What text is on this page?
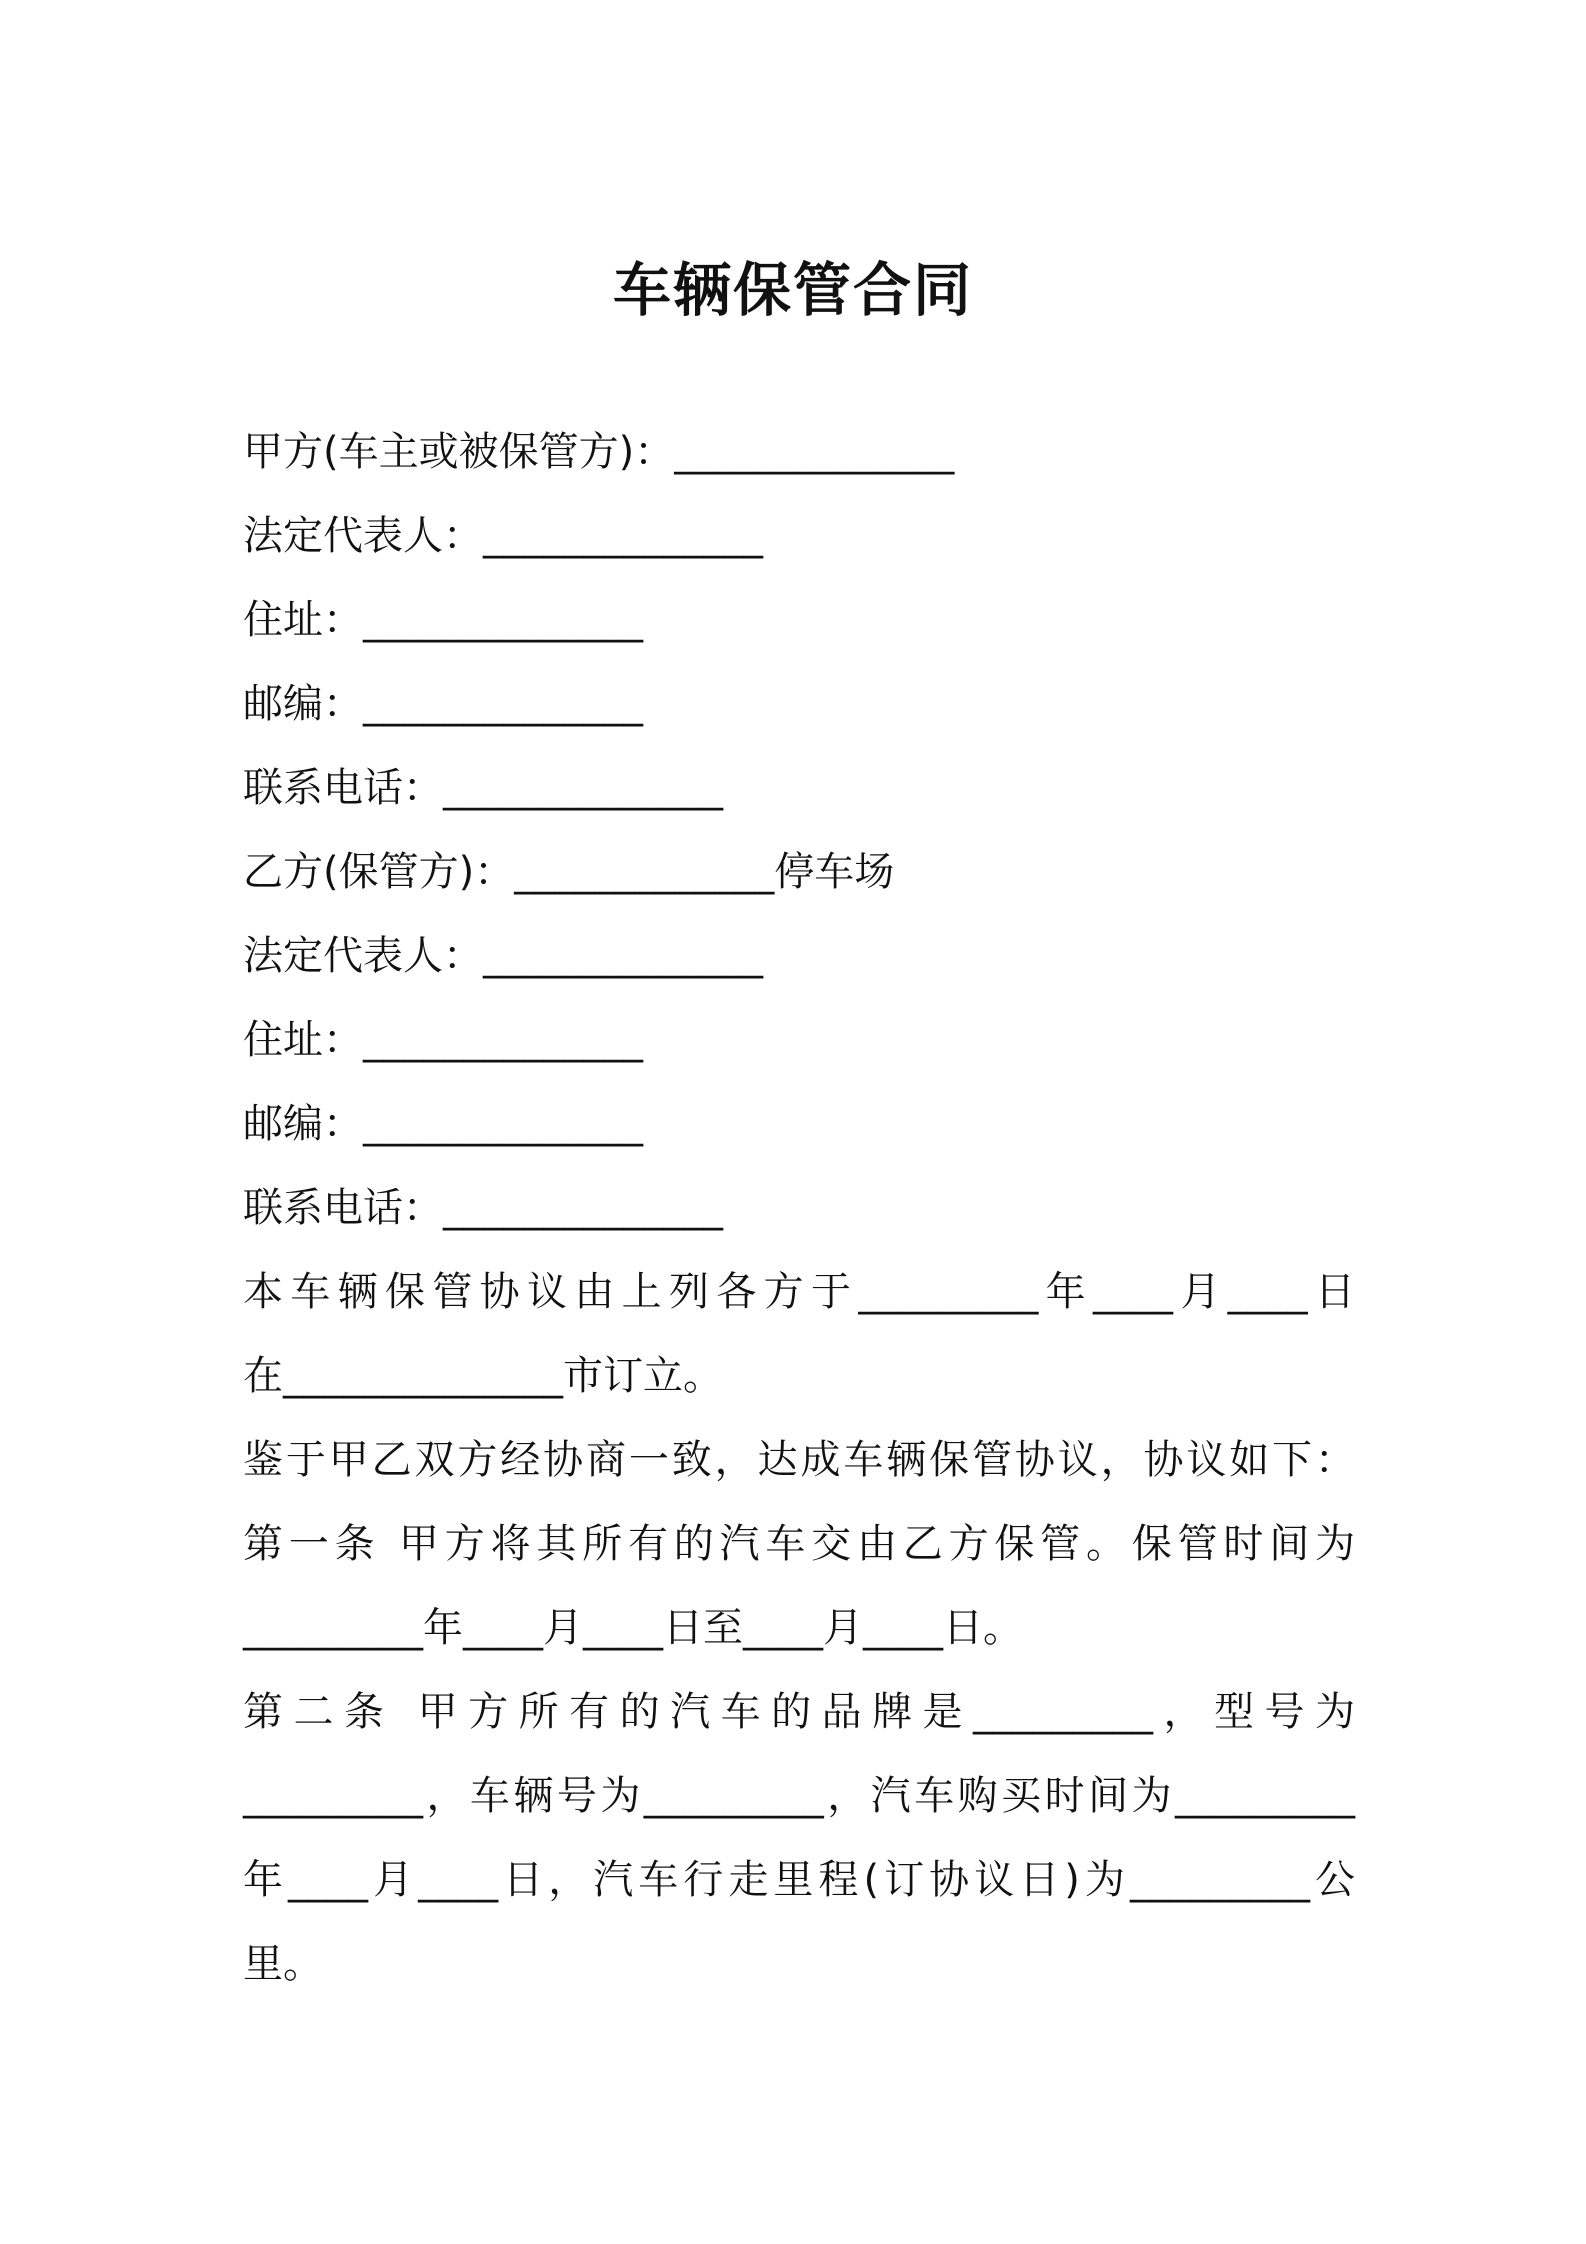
车辆保管合同
甲方(车主或被保管方)：______________
法定代表人：______________
住址：______________
邮编：______________
联系电话：______________
乙方(保管方)：_____________停车场
法定代表人：______________
住址：______________
邮编：______________
联系电话：______________
本车辆保管协议由上列各方于_________年____月____日
在______________市订立。
鉴于甲乙双方经协商一致，达成车辆保管协议，协议如下：
第一条 甲方将其所有的汽车交由乙方保管。保管时间为
_________年____月____日至____月____日。
第二条 甲方所有的汽车的品牌是_________，型号为
_________，车辆号为_________，汽车购买时间为_________
年____月____日，汽车行走里程(订协议日)为_________公
里。
